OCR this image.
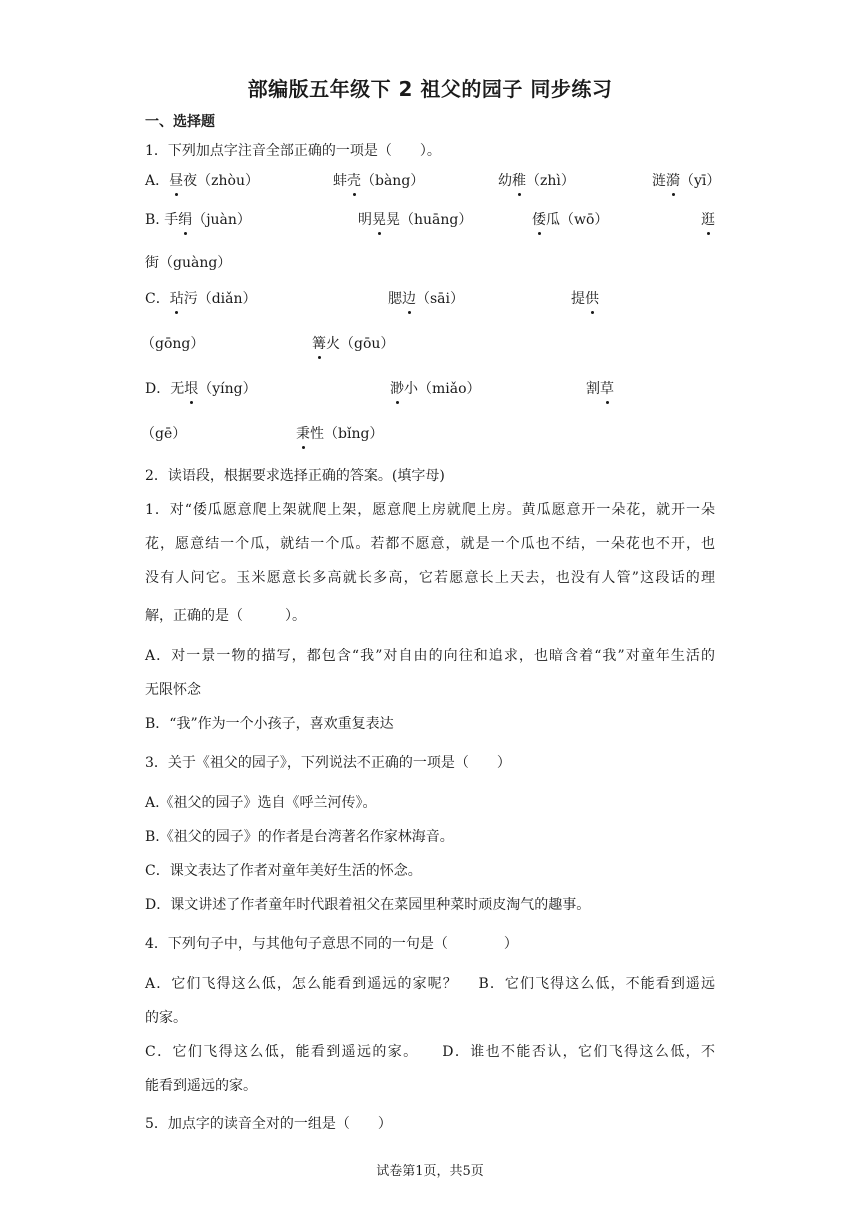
部编版五年级下 2 祖父的园子 同步练习
一、选择题
1．下列加点字注音全部正确的一项是（　　）。
A．昼夜（zhòu）	蚌壳（bàng）	幼稚（zhì）	涟漪（yī）
B. 手绢（juàn）	明晃晃（huāng）	倭瓜（wō）	逛
街（guàng）
C．玷污（diǎn）	腮边（sāi）	提供
（gōng）	篝火（gōu）
D．无垠（yíng）	渺小（miǎo）	割草
（gē）	秉性（bǐng）
2．读语段，根据要求选择正确的答案。(填字母)
1．对“倭瓜愿意爬上架就爬上架，愿意爬上房就爬上房。黄瓜愿意开一朵花，就开一朵
花，愿意结一个瓜，就结一个瓜。若都不愿意，就是一个瓜也不结，一朵花也不开，也
没有人问它。玉米愿意长多高就长多高，它若愿意长上天去，也没有人管”这段话的理
解，正确的是（　　　）。
A．对一景一物的描写，都包含“我”对自由的向往和追求，也暗含着“我”对童年生活的
无限怀念
B．“我”作为一个小孩子，喜欢重复表达
3．关于《祖父的园子》，下列说法不正确的一项是（　　）
A.《祖父的园子》选自《呼兰河传》。
B.《祖父的园子》的作者是台湾著名作家林海音。
C．课文表达了作者对童年美好生活的怀念。
D．课文讲述了作者童年时代跟着祖父在菜园里种菜时顽皮淘气的趣事。
4．下列句子中，与其他句子意思不同的一句是（　　　　）
A．它们飞得这么低，怎么能看到遥远的家呢？　 B．它们飞得这么低，不能看到遥远
的家。
C．它们飞得这么低，能看到遥远的家。　　D．谁也不能否认，它们飞得这么低，不
能看到遥远的家。
5．加点字的读音全对的一组是（　　）
试卷第1页，共5页
